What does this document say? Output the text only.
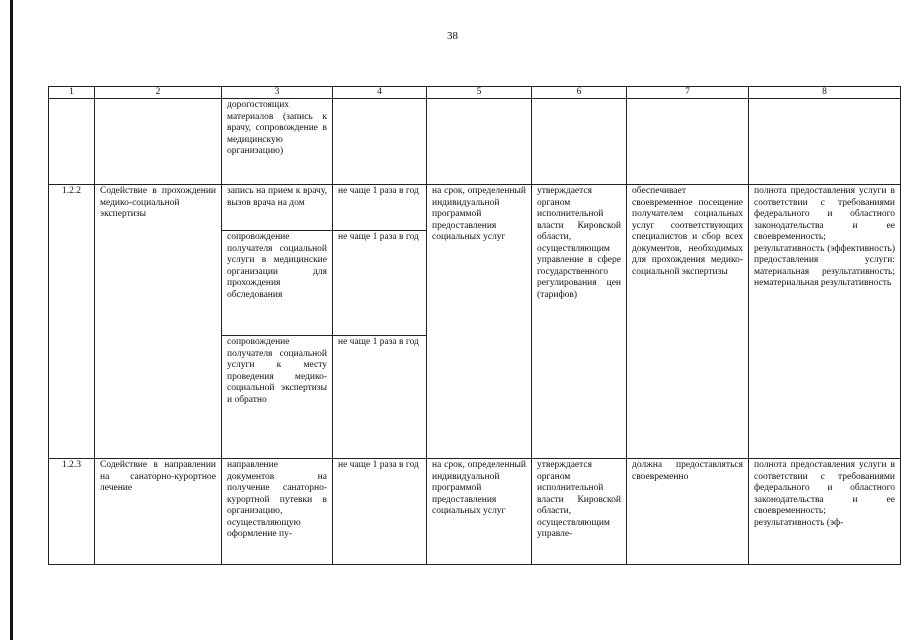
38
1	2	3	4	5	6	7	8
		дорогостоящих материалов (запись к врачу, сопровождение в медицинскую организацию)					
1.2.2	Содействие в прохождении медико-социальной экспертизы	запись на прием к врачу, вызов врача на дом	не чаще 1 раза в год	на срок, определенный индивидуальной программой предоставления социальных услуг	утверждается органом исполнительной власти Кировской области, осуществляющим управление в сфере государственного регулирования цен (тарифов)	обеспечивает своевременное посещение получателем социальных услуг соответствующих специалистов и сбор всех документов, необходимых для прохождения медико-социальной экспертизы	полнота предоставления услуги в соответствии с требованиями федерального и областного законодательства и ее своевременность; результативность (эффективность) предоставления услуги: материальная результативность; нематериальная результативность
		сопровождение получателя социальной услуги в медицинские организации для прохождения обследования	не чаще 1 раза в год				
		сопровождение получателя социальной услуги к месту проведения медико-социальной экспертизы и обратно	не чаще 1 раза в год				
1.2.3	Содействие в направлении на санаторно-курортное лечение	направление документов на получение санаторно-курортной путевки в организацию, осуществляющую оформление пу-	не чаще 1 раза в год	на срок, определенный индивидуальной программой предоставления социальных услуг	утверждается органом исполнительной власти Кировской области, осуществляющим управле-	должна предоставляться своевременно	полнота предоставления услуги в соответствии с требованиями федерального и областного законодательства и ее своевременность; результативность (эф-
